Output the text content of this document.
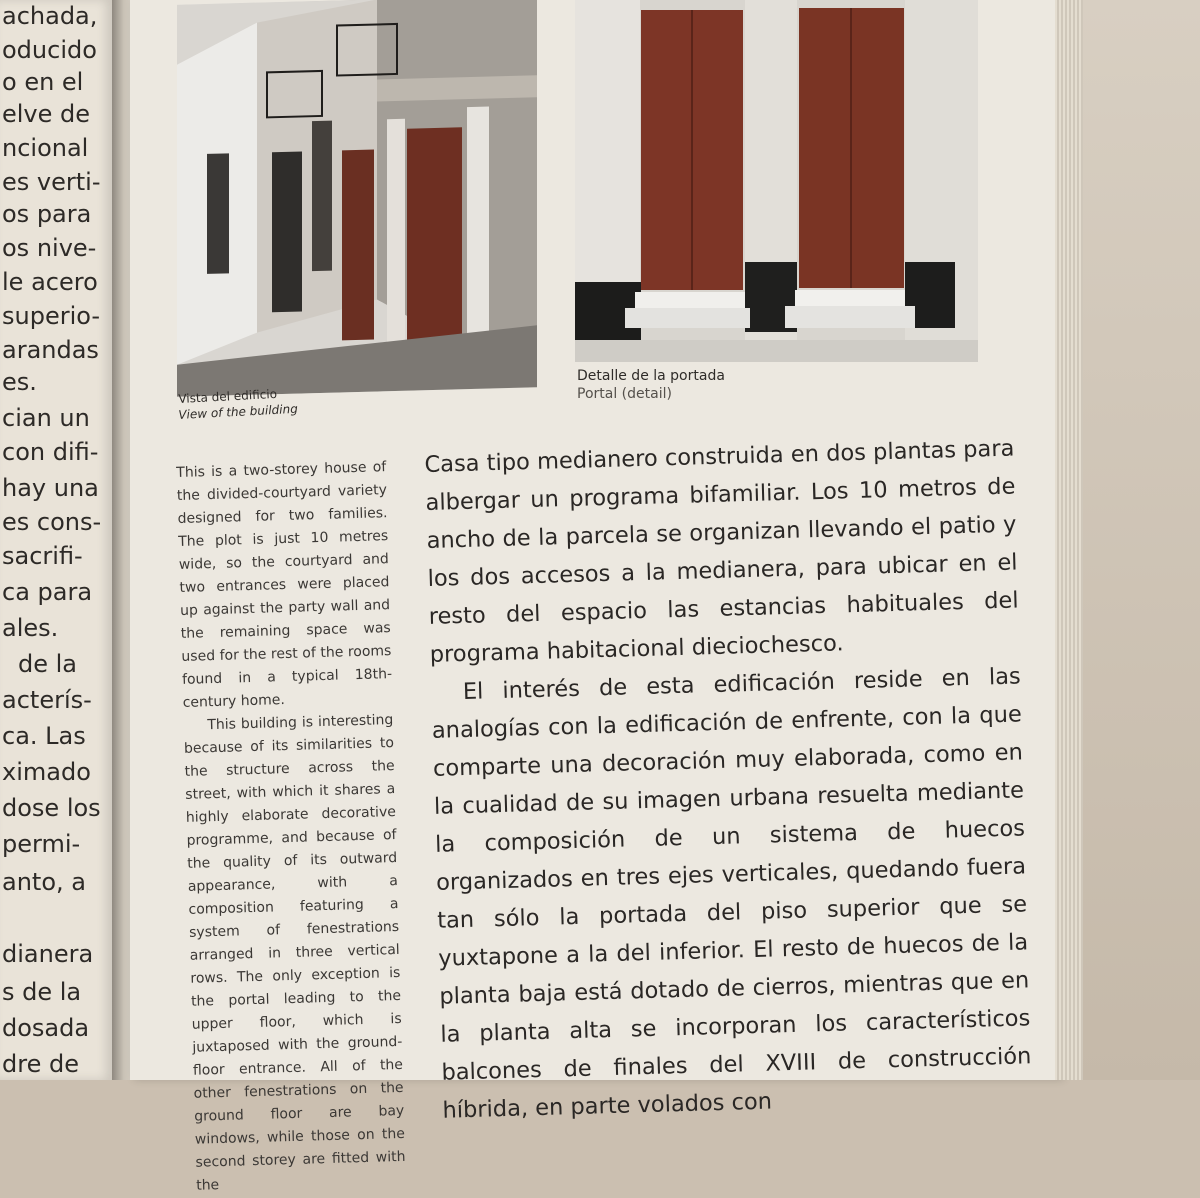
achada,
oducido
o en el
elve de
ncional
es verti-
os para
os nive-
le acero
superio-
arandas
es.
cian un
con difi-
hay una
es cons-
sacrifi-
ca para
ales.
de la
acterís-
ca. Las
ximado
dose los
permi-
anto, a
dianera
s de la
dosada
dre de
Vista del edificio
View of the building
Detalle de la portada
Portal (detail)

This is a two-storey house of the divided-courtyard variety designed for two families. The plot is just 10 metres wide, so the courtyard and two entrances were placed up against the party wall and the remaining space was used for the rest of the rooms found in a typical 18th-century home.

This building is interesting because of its similarities to the structure across the street, with which it shares a highly elaborate decorative programme, and because of the quality of its outward appearance, with a composition featuring a system of fenestrations arranged in three vertical rows. The only exception is the portal leading to the upper floor, which is juxtaposed with the ground-floor entrance. All of the other fenestrations on the ground floor are bay windows, while those on the second storey are fitted with the

Casa tipo medianero construida en dos plantas para albergar un programa bifamiliar. Los 10 metros de ancho de la parcela se organizan llevando el patio y los dos accesos a la medianera, para ubicar en el resto del espacio las estancias habituales del programa habitacional dieciochesco.

El interés de esta edificación reside en las analogías con la edificación de enfrente, con la que comparte una decoración muy elaborada, como en la cualidad de su imagen urbana resuelta mediante la composición de un sistema de huecos organizados en tres ejes verticales, quedando fuera tan sólo la portada del piso superior que se yuxtapone a la del inferior. El resto de huecos de la planta baja está dotado de cierros, mientras que en la planta alta se incorporan los característicos balcones de finales del XVIII de construcción híbrida, en parte volados con
